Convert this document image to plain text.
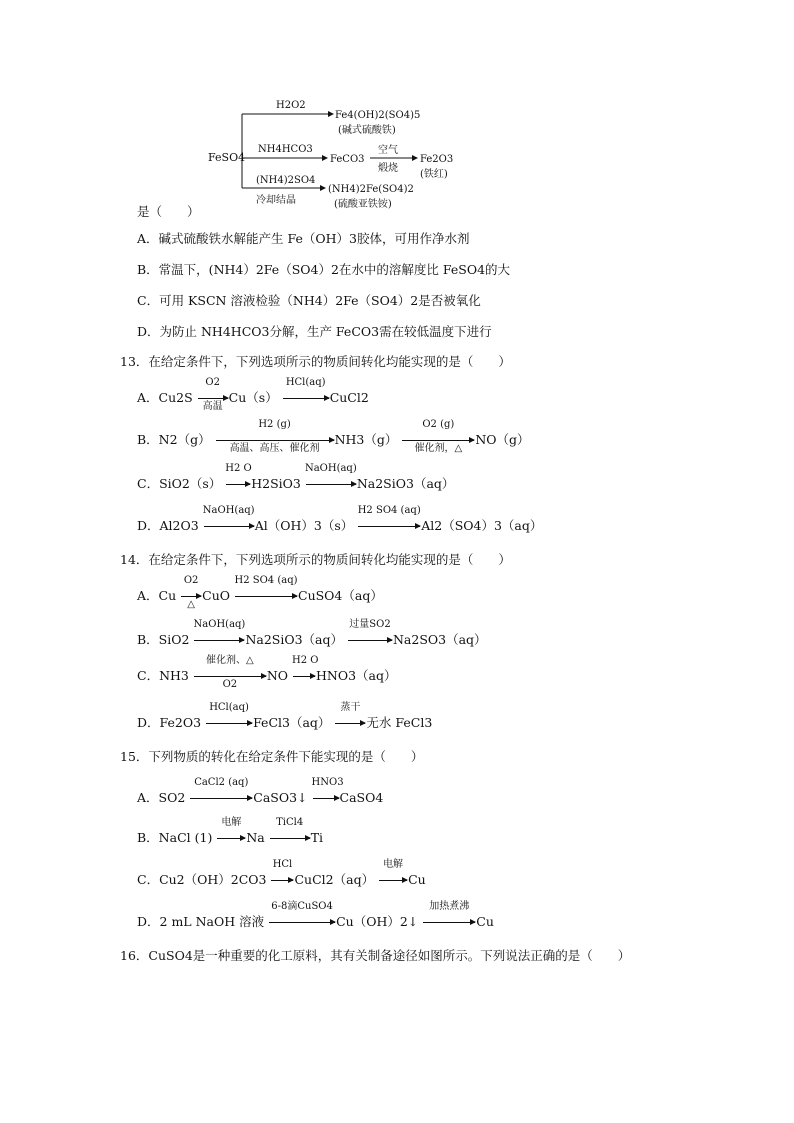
FeSO4
H2O2
Fe4(OH)2(SO4)5
(碱式硫酸铁)
NH4HCO3
FeCO3
空气
煅烧
Fe2O3
(铁红)
(NH4)2SO4
冷却结晶
(NH4)2Fe(SO4)2
(硫酸亚铁铵)
是（　　）
A．碱式硫酸铁水解能产生 Fe（OH）3胶体，可用作净水剂
B．常温下，(NH4）2Fe（SO4）2在水中的溶解度比 FeSO4的大
C．可用 KSCN 溶液检验（NH4）2Fe（SO4）2是否被氧化
D．为防止 NH4HCO3分解，生产 FeCO3需在较低温度下进行
13．在给定条件下，下列选项所示的物质间转化均能实现的是（　　）
A．Cu2S
O2
高温
Cu（s）
HCl(aq)
CuCl2
B．N2（g）
H2 (g)
高温、高压、催化剂
NH3（g）
O2 (g)
催化剂，△
NO（g）
C．SiO2（s）
H2 O
H2SiO3
NaOH(aq)
Na2SiO3（aq）
D．Al2O3
NaOH(aq)
Al（OH）3（s）
H2 SO4 (aq)
Al2（SO4）3（aq）
14．在给定条件下，下列选项所示的物质间转化均能实现的是（　　）
A．Cu
O2
△
CuO
H2 SO4 (aq)
CuSO4（aq）
B．SiO2
NaOH(aq)
Na2SiO3（aq）
过量SO2
Na2SO3（aq）
C．NH3
催化剂、△
O2
NO
H2 O
HNO3（aq）
D．Fe2O3
HCl(aq)
FeCl3（aq）
蒸干
无水 FeCl3
15．下列物质的转化在给定条件下能实现的是（　　）
A．SO2
CaCl2 (aq)
CaSO3↓
HNO3
CaSO4
B．NaCl (1)
电解
Na
TiCl4
Ti
C．Cu2（OH）2CO3
HCl
CuCl2（aq）
电解
Cu
D．2 mL NaOH 溶液
6-8滴CuSO4
Cu（OH）2↓
加热煮沸
Cu
16．CuSO4是一种重要的化工原料，其有关制备途径如图所示。下列说法正确的是（　　）
